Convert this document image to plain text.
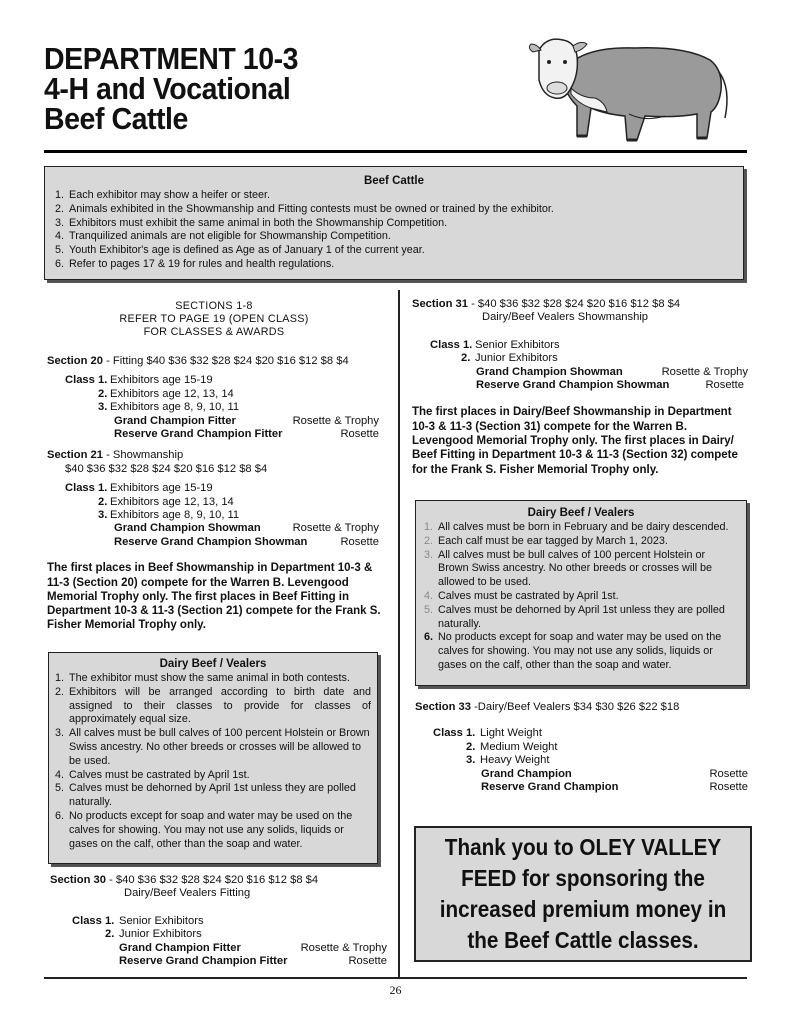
DEPARTMENT 10-3
4-H and Vocational
Beef Cattle
Beef Cattle
1. Each exhibitor may show a heifer or steer.
2. Animals exhibited in the Showmanship and Fitting contests must be owned or trained by the exhibitor.
3. Exhibitors must exhibit the same animal in both the Showmanship Competition.
4. Tranquilized animals are not eligible for Showmanship Competition.
5. Youth Exhibitor's age is defined as Age as of January 1 of the current year.
6. Refer to pages 17 & 19 for rules and health regulations.
SECTIONS 1-8
REFER TO PAGE 19 (OPEN CLASS)
FOR CLASSES & AWARDS
Section 20 - Fitting $40 $36 $32 $28 $24 $20 $16 $12 $8 $4
Class 1. Exhibitors age 15-19
2. Exhibitors age 12, 13, 14
3. Exhibitors age 8, 9, 10, 11
Grand Champion Fitter	Rosette & Trophy
Reserve Grand Champion Fitter	Rosette
Section 21 - Showmanship
$40 $36 $32 $28 $24 $20 $16 $12 $8 $4
Class 1. Exhibitors age 15-19
2. Exhibitors age 12, 13, 14
3. Exhibitors age 8, 9, 10, 11
Grand Champion Showman	Rosette & Trophy
Reserve Grand Champion Showman	Rosette
The first places in Beef Showmanship in Department 10-3 & 11-3 (Section 20) compete for the Warren B. Levengood Memorial Trophy only. The first places in Beef Fitting in Department 10-3 & 11-3 (Section 21) compete for the Frank S. Fisher Memorial Trophy only.
Dairy Beef / Vealers
1. The exhibitor must show the same animal in both contests.
2. Exhibitors will be arranged according to birth date and assigned to their classes to provide for classes of approximately equal size.
3. All calves must be bull calves of 100 percent Holstein or Brown Swiss ancestry. No other breeds or crosses will be allowed to be used.
4. Calves must be castrated by April 1st.
5. Calves must be dehorned by April 1st unless they are polled naturally.
6. No products except for soap and water may be used on the calves for showing. You may not use any solids, liquids or gases on the calf, other than the soap and water.
Section 30 - $40 $36 $32 $28 $24 $20 $16 $12 $8 $4
Dairy/Beef Vealers Fitting
Class 1. Senior Exhibitors
2. Junior Exhibitors
Grand Champion Fitter	Rosette & Trophy
Reserve Grand Champion Fitter	Rosette
Section 31 - $40 $36 $32 $28 $24 $20 $16 $12 $8 $4
Dairy/Beef Vealers Showmanship
Class 1. Senior Exhibitors
2. Junior Exhibitors
Grand Champion Showman	Rosette & Trophy
Reserve Grand Champion Showman	Rosette
The first places in Dairy/Beef Showmanship in Department 10-3 & 11-3 (Section 31) compete for the Warren B. Levengood Memorial Trophy only. The first places in Dairy/ Beef Fitting in Department 10-3 & 11-3 (Section 32) compete for the Frank S. Fisher Memorial Trophy only.
Dairy Beef / Vealers
1. All calves must be born in February and be dairy descended.
2. Each calf must be ear tagged by March 1, 2023.
3. All calves must be bull calves of 100 percent Holstein or Brown Swiss ancestry. No other breeds or crosses will be allowed to be used.
4. Calves must be castrated by April 1st.
5. Calves must be dehorned by April 1st unless they are polled naturally.
6. No products except for soap and water may be used on the calves for showing. You may not use any solids, liquids or gases on the calf, other than the soap and water.
Section 33 -Dairy/Beef Vealers $34 $30 $26 $22 $18
Class 1. Light Weight
2. Medium Weight
3. Heavy Weight
Grand Champion	Rosette
Reserve Grand Champion	Rosette
Thank you to OLEY VALLEY FEED for sponsoring the increased premium money in the Beef Cattle classes.
26
